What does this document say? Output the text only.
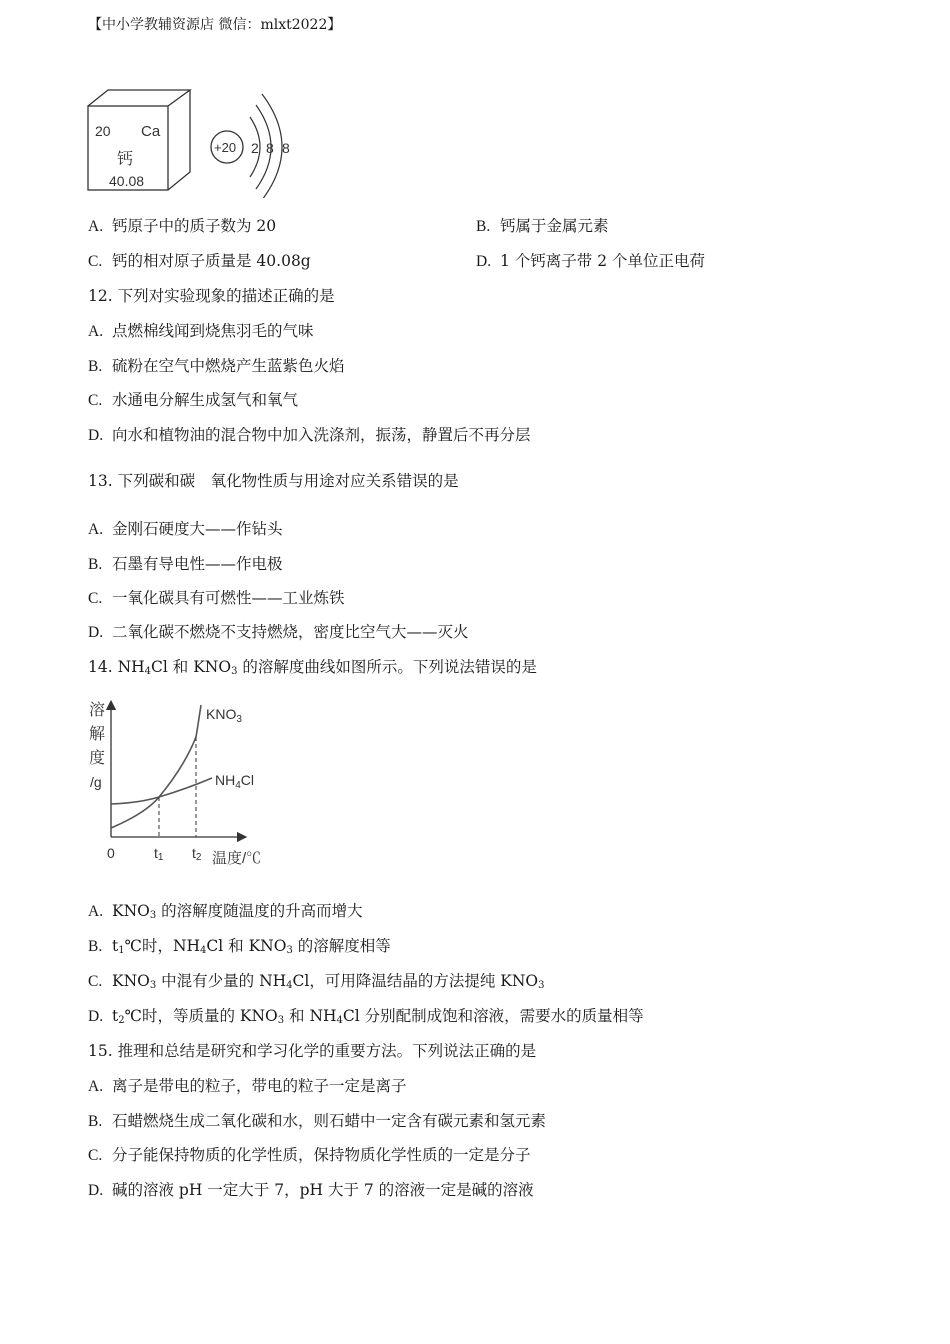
【中小学教辅资源店 微信：mlxt2022】
20 Ca
钙
40.08
+20 2 8 8
A. 钙原子中的质子数为 20	B. 钙属于金属元素
C. 钙的相对原子质量是 40.08g	D. 1 个钙离子带 2 个单位正电荷
12. 下列对实验现象的描述正确的是
A. 点燃棉线闻到烧焦羽毛的气味
B. 硫粉在空气中燃烧产生蓝紫色火焰
C. 水通电分解生成氢气和氧气
D. 向水和植物油的混合物中加入洗涤剂，振荡，静置后不再分层
13. 下列碳和碳　氧化物性质与用途对应关系错误的是
A. 金刚石硬度大——作钻头
B. 石墨有导电性——作电极
C. 一氧化碳具有可燃性——工业炼铁
D. 二氧化碳不燃烧不支持燃烧，密度比空气大——灭火
14. $NH_4Cl$ 和 $KNO_3$ 的溶解度曲线如图所示。下列说法错误的是
溶
解
度
/g
$KNO_3$
$NH_4Cl$
0	t1 t2 温度/℃
A. $KNO_3$ 的溶解度随温度的升高而增大
B. $t_1℃$时，$NH_4Cl$ 和 $KNO_3$ 的溶解度相等
C. $KNO_3$ 中混有少量的 $NH_4Cl$，可用降温结晶的方法提纯 $KNO_3$
D. $t_2℃$时，等质量的 $KNO_3$ 和 $NH_4Cl$ 分别配制成饱和溶液，需要水的质量相等
15. 推理和总结是研究和学习化学的重要方法。下列说法正确的是
A. 离子是带电的粒子，带电的粒子一定是离子
B. 石蜡燃烧生成二氧化碳和水，则石蜡中一定含有碳元素和氢元素
C. 分子能保持物质的化学性质，保持物质化学性质的一定是分子
D. 碱的溶液 pH 一定大于 7，pH 大于 7 的溶液一定是碱的溶液
